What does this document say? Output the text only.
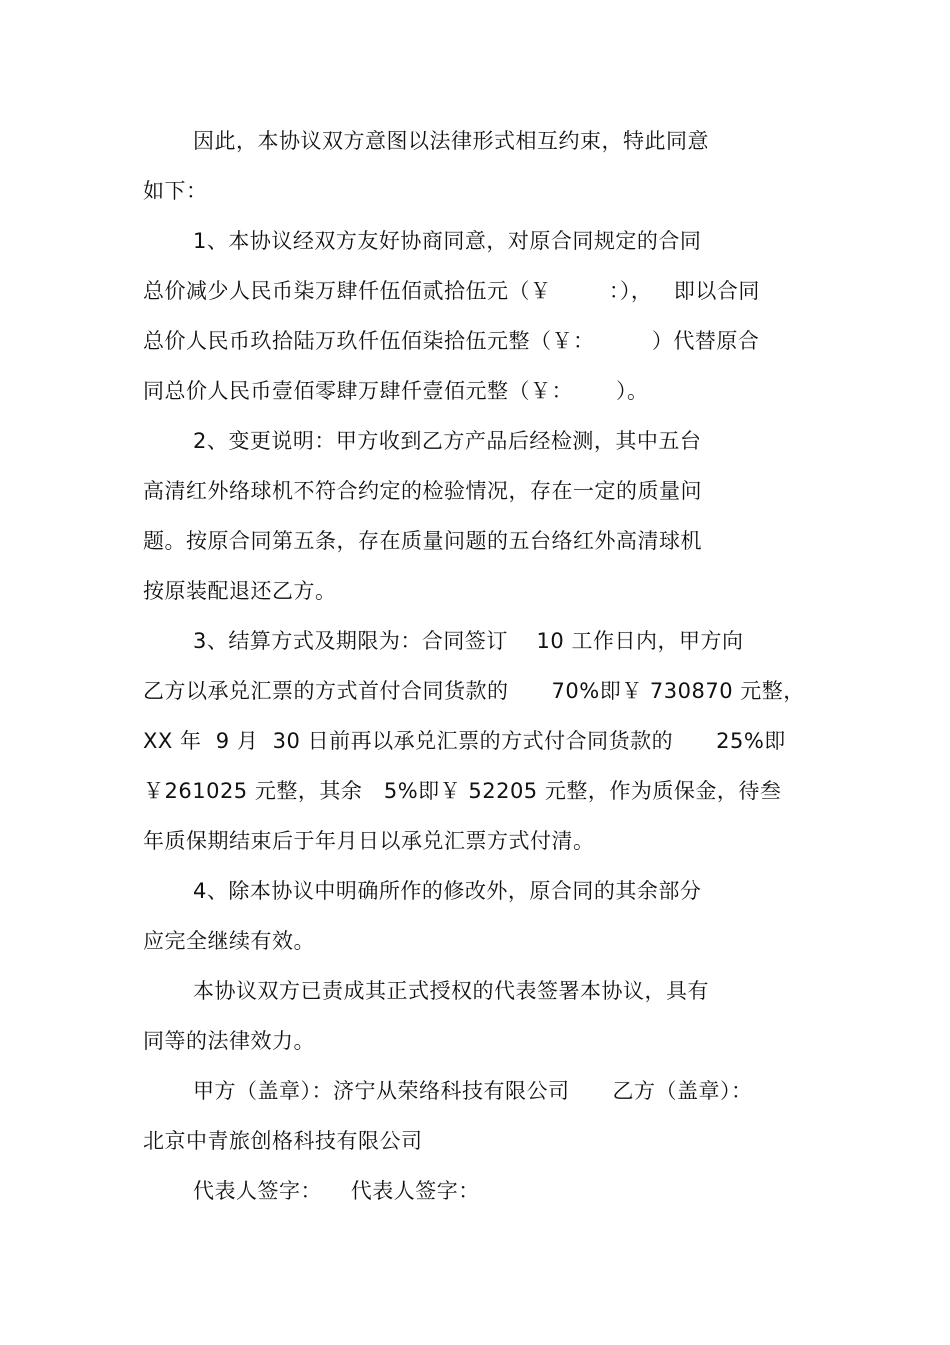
因此，本协议双方意图以法律形式相互约束，特此同意
如下：
1、本协议经双方友好协商同意，对原合同规定的合同
总价减少人民币柒万肆仟伍佰贰拾伍元（￥        ：），   即以合同
总价人民币玖拾陆万玖仟伍佰柒拾伍元整（￥：        ）代替原合
同总价人民币壹佰零肆万肆仟壹佰元整（￥：      ）。
2、变更说明：甲方收到乙方产品后经检测，其中五台
高清红外络球机不符合约定的检验情况，存在一定的质量问
题。按原合同第五条，存在质量问题的五台络红外高清球机
按原装配退还乙方。
3、结算方式及期限为：合同签订    10 工作日内，甲方向
乙方以承兑汇票的方式首付合同货款的      70%即￥ 730870 元整，
XX 年  9 月  30 日前再以承兑汇票的方式付合同货款的      25%即
￥261025 元整，其余   5%即￥ 52205 元整，作为质保金，待叁
年质保期结束后于年月日以承兑汇票方式付清。
4、除本协议中明确所作的修改外，原合同的其余部分
应完全继续有效。
本协议双方已责成其正式授权的代表签署本协议，具有
同等的法律效力。
甲方（盖章）：济宁从荣络科技有限公司      乙方（盖章）：
北京中青旅创格科技有限公司
代表人签字：    代表人签字：
